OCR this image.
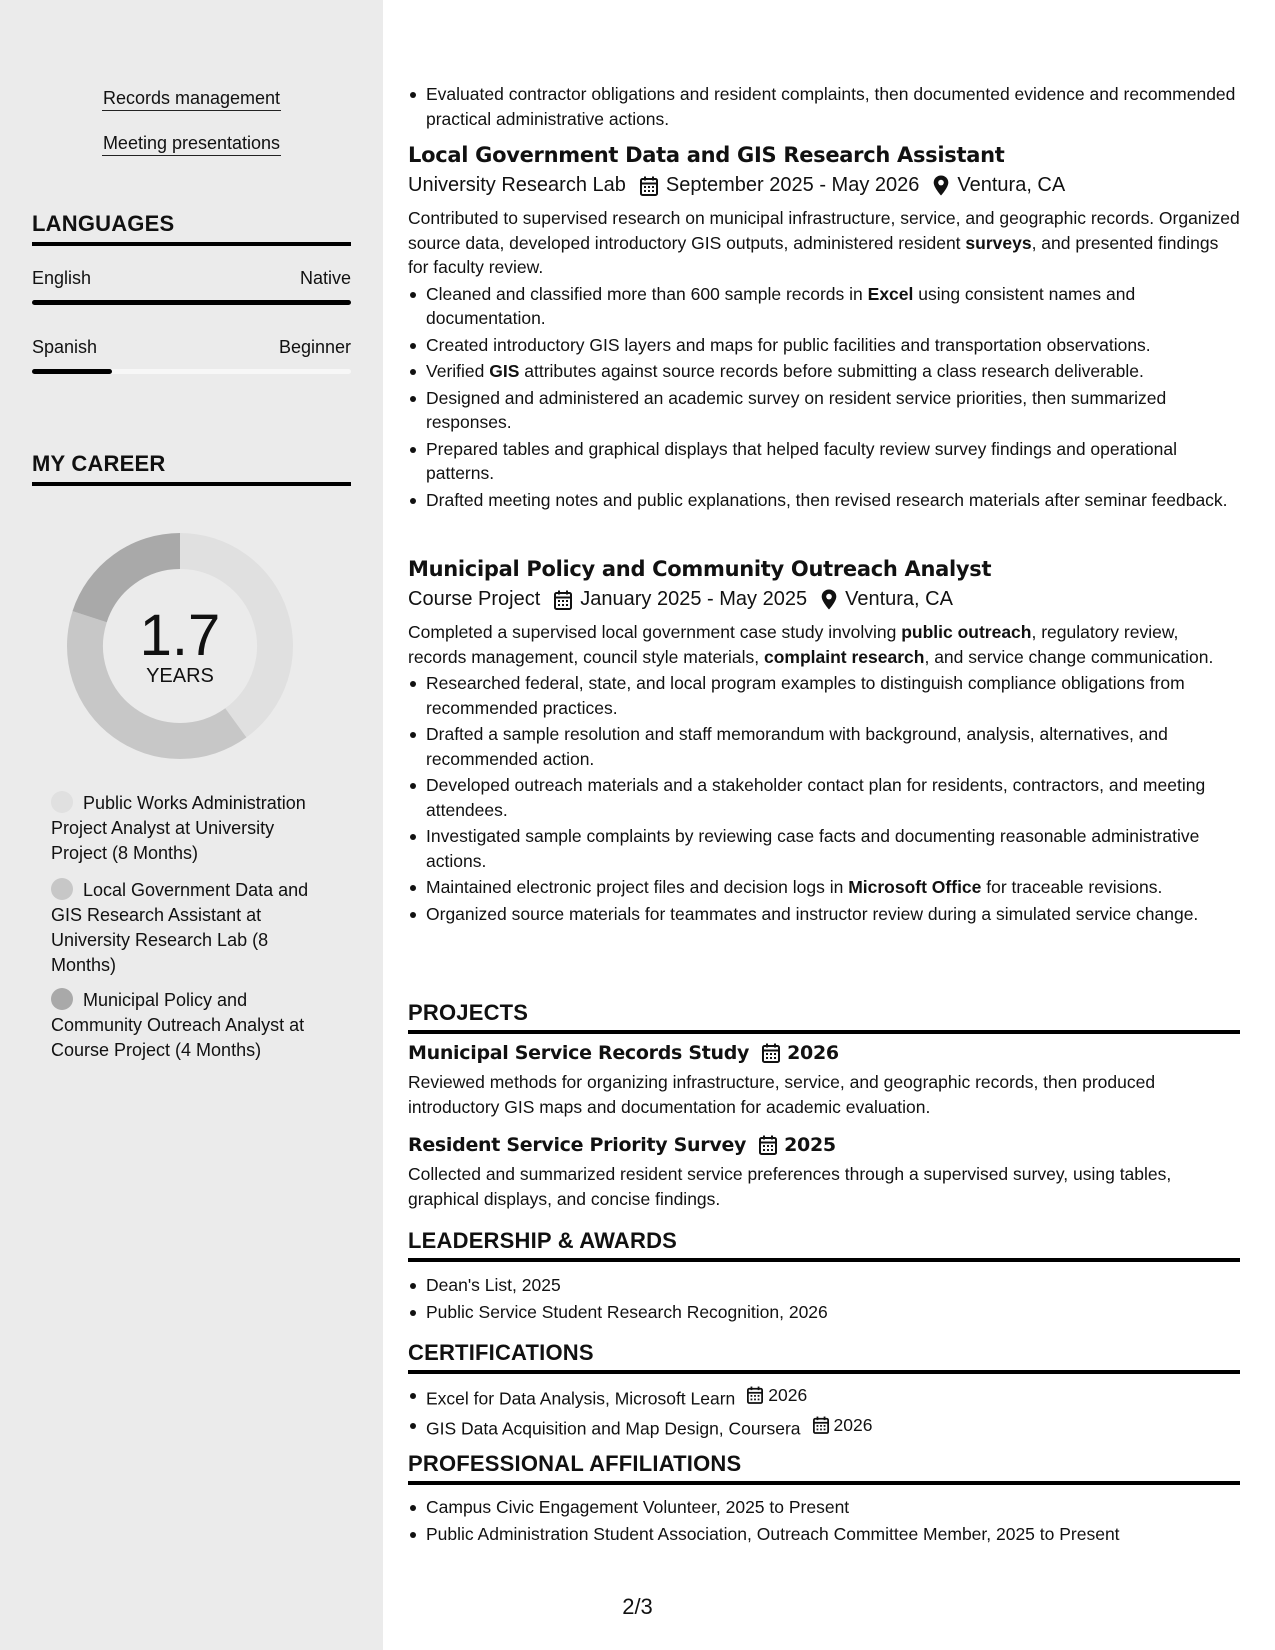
Records management
Meeting presentations
LANGUAGES
English	Native
Spanish	Beginner
MY CAREER
1.7
YEARS
Public Works Administration Project Analyst at University Project (8 Months)
Local Government Data and GIS Research Assistant at University Research Lab (8 Months)
Municipal Policy and Community Outreach Analyst at Course Project (4 Months)
Evaluated contractor obligations and resident complaints, then documented evidence and recommended practical administrative actions.
Local Government Data and GIS Research Assistant
University Research Lab September 2025 - May 2026 Ventura, CA
Contributed to supervised research on municipal infrastructure, service, and geographic records. Organized source data, developed introductory GIS outputs, administered resident surveys, and presented findings for faculty review.
Cleaned and classified more than 600 sample records in Excel using consistent names and documentation.
Created introductory GIS layers and maps for public facilities and transportation observations.
Verified GIS attributes against source records before submitting a class research deliverable.
Designed and administered an academic survey on resident service priorities, then summarized responses.
Prepared tables and graphical displays that helped faculty review survey findings and operational patterns.
Drafted meeting notes and public explanations, then revised research materials after seminar feedback.
Municipal Policy and Community Outreach Analyst
Course Project January 2025 - May 2025 Ventura, CA
Completed a supervised local government case study involving public outreach, regulatory review, records management, council style materials, complaint research, and service change communication.
Researched federal, state, and local program examples to distinguish compliance obligations from recommended practices.
Drafted a sample resolution and staff memorandum with background, analysis, alternatives, and recommended action.
Developed outreach materials and a stakeholder contact plan for residents, contractors, and meeting attendees.
Investigated sample complaints by reviewing case facts and documenting reasonable administrative actions.
Maintained electronic project files and decision logs in Microsoft Office for traceable revisions.
Organized source materials for teammates and instructor review during a simulated service change.
PROJECTS
Municipal Service Records Study 2026
Reviewed methods for organizing infrastructure, service, and geographic records, then produced introductory GIS maps and documentation for academic evaluation.
Resident Service Priority Survey 2025
Collected and summarized resident service preferences through a supervised survey, using tables, graphical displays, and concise findings.
LEADERSHIP & AWARDS
Dean's List, 2025
Public Service Student Research Recognition, 2026
CERTIFICATIONS
Excel for Data Analysis, Microsoft Learn 2026
GIS Data Acquisition and Map Design, Coursera 2026
PROFESSIONAL AFFILIATIONS
Campus Civic Engagement Volunteer, 2025 to Present
Public Administration Student Association, Outreach Committee Member, 2025 to Present
2/3
